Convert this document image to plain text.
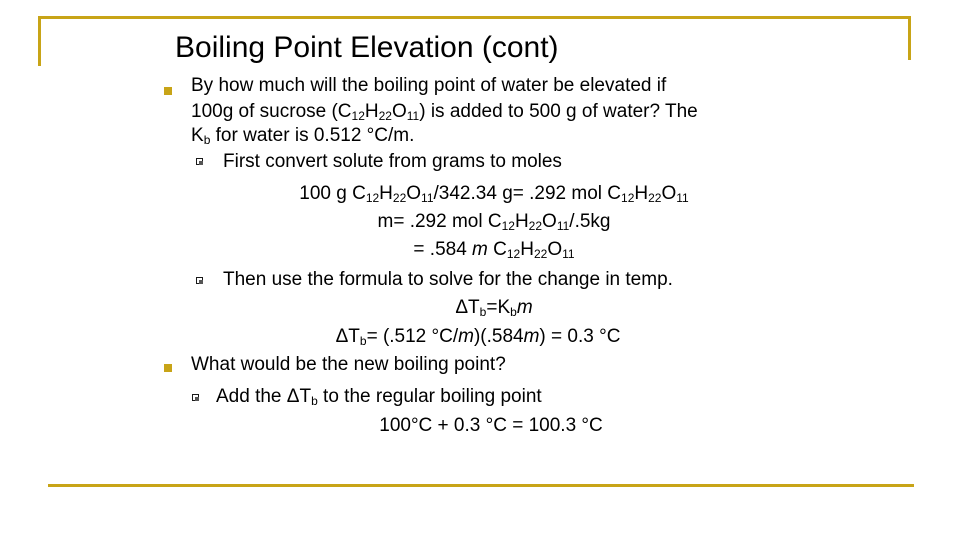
Boiling Point Elevation (cont)
By how much will the boiling point of water be elevated if
100g of sucrose $(C_{12}H_{22}O_{11})$ is added to 500 g of water? The
$K_b$ for water is 0.512 °C/m.
First convert solute from grams to moles
100 g $C_{12}H_{22}O_{11}/342.34$ g= .292 mol $C_{12}H_{22}O_{11}$
m= .292 mol $C_{12}H_{22}O_{11}/.5kg$
= .584 m $C_{12}H_{22}O_{11}$
Then use the formula to solve for the change in temp.
$\Delta T_b=K_bm$
$\Delta T_b= (.512$ °C/m)(.584m) = 0.3 °C
What would be the new boiling point?
Add the $\Delta T_b$ to the regular boiling point
100°C + 0.3 °C = 100.3 °C
